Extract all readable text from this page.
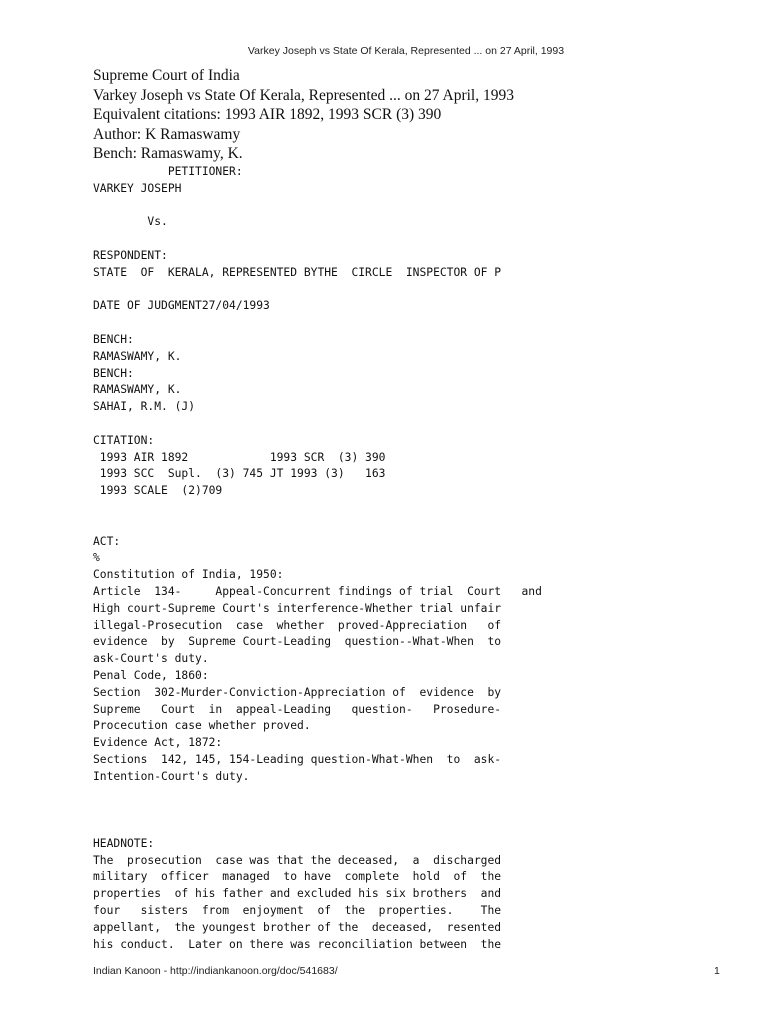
Varkey Joseph vs State Of Kerala, Represented ... on 27 April, 1993
Supreme Court of India
Varkey Joseph vs State Of Kerala, Represented ... on 27 April, 1993
Equivalent citations: 1993 AIR 1892, 1993 SCR (3) 390
Author: K Ramaswamy
Bench: Ramaswamy, K.
PETITIONER:
VARKEY JOSEPH
Vs.
RESPONDENT:
STATE  OF  KERALA, REPRESENTED BYTHE  CIRCLE  INSPECTOR OF P
DATE OF JUDGMENT27/04/1993
BENCH:
RAMASWAMY, K.
BENCH:
RAMASWAMY, K.
SAHAI, R.M. (J)
CITATION:
1993 AIR 1892            1993 SCR  (3) 390
1993 SCC  Supl.  (3) 745 JT 1993 (3)   163
1993 SCALE  (2)709
ACT:
%
Constitution of India, 1950:
Article  134-     Appeal-Concurrent findings of trial  Court   and
High court-Supreme Court's interference-Whether trial unfair
illegal-Prosecution  case  whether  proved-Appreciation   of
evidence  by  Supreme Court-Leading  question--What-When  to
ask-Court's duty.
Penal Code, 1860:
Section  302-Murder-Conviction-Appreciation of  evidence  by
Supreme   Court  in  appeal-Leading   question-   Prosedure-
Procecution case whether proved.
Evidence Act, 1872:
Sections  142, 145, 154-Leading question-What-When  to  ask-
Intention-Court's duty.
HEADNOTE:
The  prosecution  case was that the deceased,  a  discharged
military  officer  managed  to have  complete  hold  of  the
properties  of his father and excluded his six brothers  and
four   sisters  from  enjoyment  of  the  properties.    The
appellant,  the youngest brother of the  deceased,  resented
his conduct.  Later on there was reconciliation between  the
Indian Kanoon - http://indiankanoon.org/doc/541683/	1
